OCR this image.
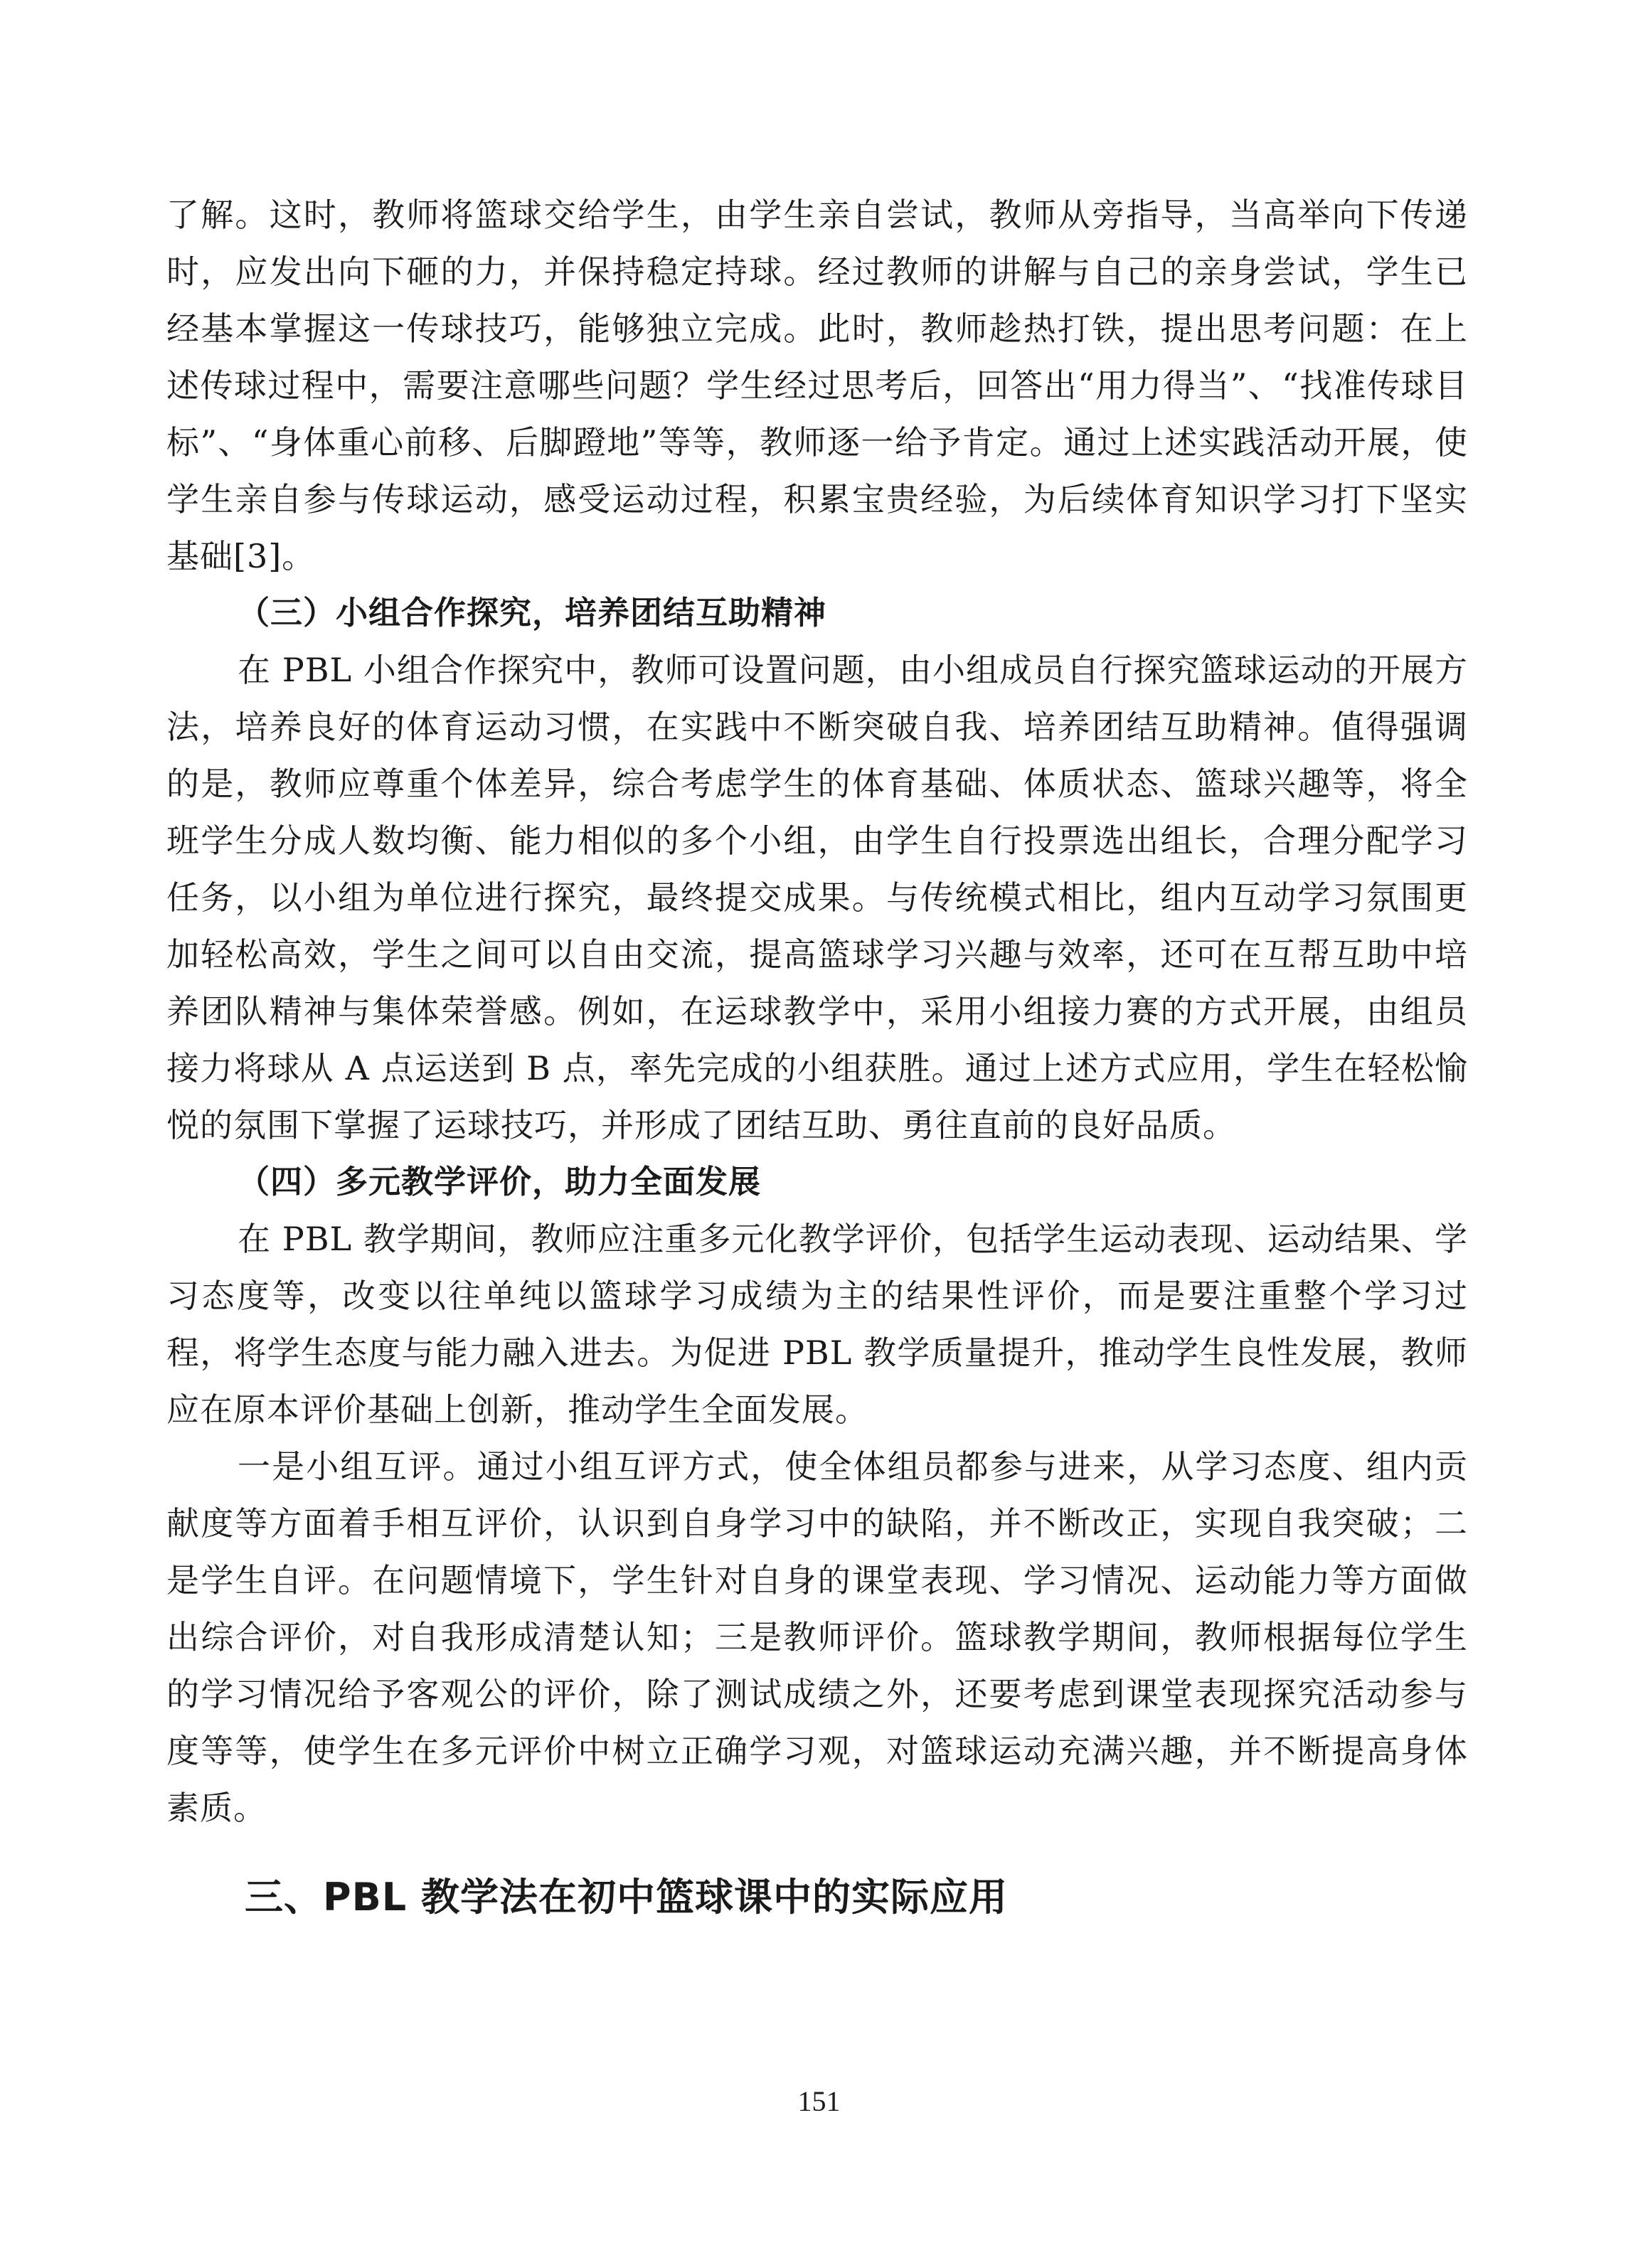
了解。这时，教师将篮球交给学生，由学生亲自尝试，教师从旁指导，当高举向下传递时，应发出向下砸的力，并保持稳定持球。经过教师的讲解与自己的亲身尝试，学生已经基本掌握这一传球技巧，能够独立完成。此时，教师趁热打铁，提出思考问题：在上述传球过程中，需要注意哪些问题？学生经过思考后，回答出“用力得当”、“找准传球目标”、“身体重心前移、后脚蹬地”等等，教师逐一给予肯定。通过上述实践活动开展，使学生亲自参与传球运动，感受运动过程，积累宝贵经验，为后续体育知识学习打下坚实基础[3]。

（三）小组合作探究，培养团结互助精神

在 PBL 小组合作探究中，教师可设置问题，由小组成员自行探究篮球运动的开展方法，培养良好的体育运动习惯，在实践中不断突破自我、培养团结互助精神。值得强调的是，教师应尊重个体差异，综合考虑学生的体育基础、体质状态、篮球兴趣等，将全班学生分成人数均衡、能力相似的多个小组，由学生自行投票选出组长，合理分配学习任务，以小组为单位进行探究，最终提交成果。与传统模式相比，组内互动学习氛围更加轻松高效，学生之间可以自由交流，提高篮球学习兴趣与效率，还可在互帮互助中培养团队精神与集体荣誉感。例如，在运球教学中，采用小组接力赛的方式开展，由组员接力将球从 A 点运送到 B 点，率先完成的小组获胜。通过上述方式应用，学生在轻松愉悦的氛围下掌握了运球技巧，并形成了团结互助、勇往直前的良好品质。

（四）多元教学评价，助力全面发展

在 PBL 教学期间，教师应注重多元化教学评价，包括学生运动表现、运动结果、学习态度等，改变以往单纯以篮球学习成绩为主的结果性评价，而是要注重整个学习过程，将学生态度与能力融入进去。为促进 PBL 教学质量提升，推动学生良性发展，教师应在原本评价基础上创新，推动学生全面发展。

一是小组互评。通过小组互评方式，使全体组员都参与进来，从学习态度、组内贡献度等方面着手相互评价，认识到自身学习中的缺陷，并不断改正，实现自我突破；二是学生自评。在问题情境下，学生针对自身的课堂表现、学习情况、运动能力等方面做出综合评价，对自我形成清楚认知；三是教师评价。篮球教学期间，教师根据每位学生的学习情况给予客观公的评价，除了测试成绩之外，还要考虑到课堂表现探究活动参与度等等，使学生在多元评价中树立正确学习观，对篮球运动充满兴趣，并不断提高身体素质。

三、PBL 教学法在初中篮球课中的实际应用
151
